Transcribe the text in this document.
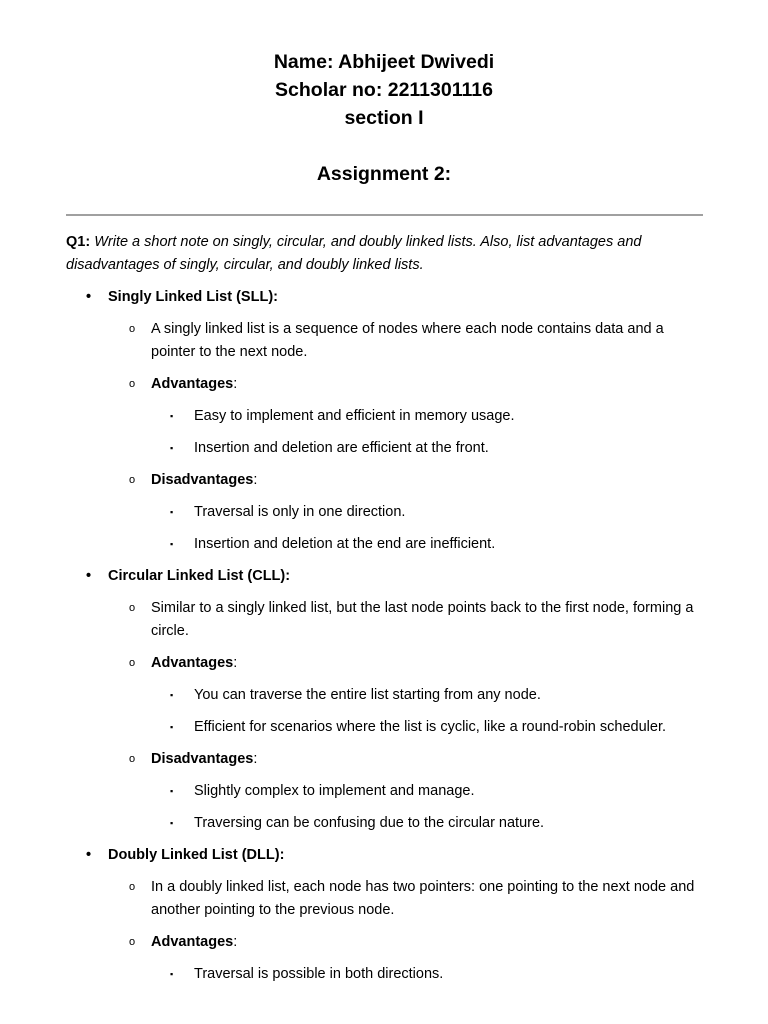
Name: Abhijeet Dwivedi
Scholar no: 2211301116
section I
Assignment 2:

Q1: Write a short note on singly, circular, and doubly linked lists. Also, list advantages and disadvantages of singly, circular, and doubly linked lists.

• Singly Linked List (SLL):
o A singly linked list is a sequence of nodes where each node contains data and a pointer to the next node.
o Advantages:
▪ Easy to implement and efficient in memory usage.
▪ Insertion and deletion are efficient at the front.
o Disadvantages:
▪ Traversal is only in one direction.
▪ Insertion and deletion at the end are inefficient.
• Circular Linked List (CLL):
o Similar to a singly linked list, but the last node points back to the first node, forming a circle.
o Advantages:
▪ You can traverse the entire list starting from any node.
▪ Efficient for scenarios where the list is cyclic, like a round-robin scheduler.
o Disadvantages:
▪ Slightly complex to implement and manage.
▪ Traversing can be confusing due to the circular nature.
• Doubly Linked List (DLL):
o In a doubly linked list, each node has two pointers: one pointing to the next node and another pointing to the previous node.
o Advantages:
▪ Traversal is possible in both directions.
